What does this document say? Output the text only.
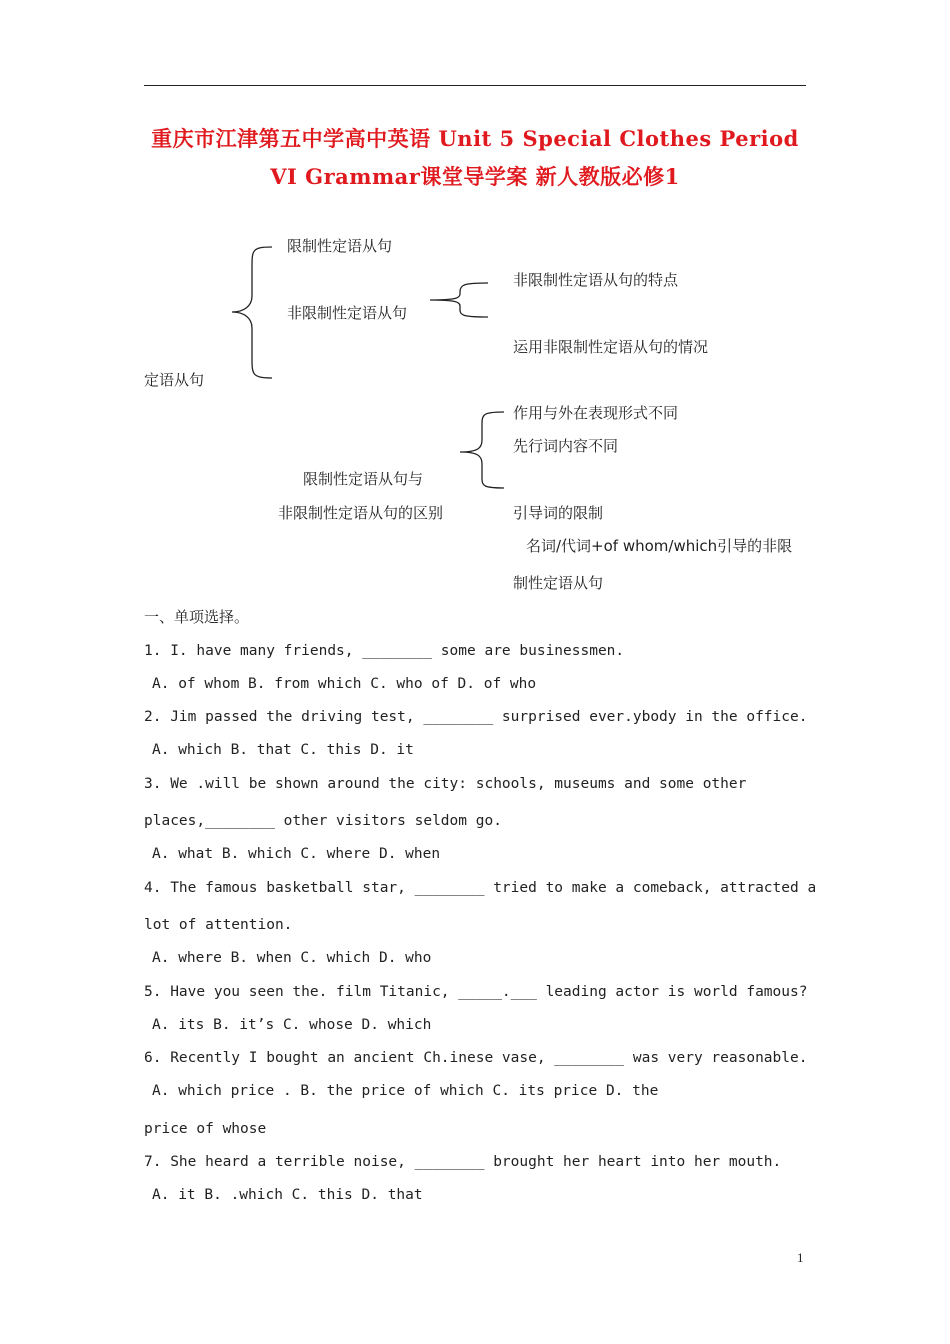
重庆市江津第五中学高中英语 Unit 5 Special Clothes Period
VI Grammar课堂导学案 新人教版必修1
限制性定语从句
非限制性定语从句
非限制性定语从句的特点
运用非限制性定语从句的情况
定语从句
作用与外在表现形式不同
先行词内容不同
限制性定语从句与
非限制性定语从句的区别	引导词的限制
名词/代词+of whom/which引导的非限
制性定语从句
一、单项选择。
1. I. have many friends, ________ some are businessmen.
A. of whom B. from which C. who of D. of who
2. Jim passed the driving test, ________ surprised ever.ybody in the office.
A. which B. that C. this D. it
3. We .will be shown around the city: schools, museums and some other
places,________ other visitors seldom go.
A. what B. which C. where D. when
4. The famous basketball star, ________ tried to make a comeback, attracted a
lot of attention.
A. where B. when C. which D. who
5. Have you seen the. film Titanic, _____.___ leading actor is world famous?
A. its B. it’s C. whose D. which
6. Recently I bought an ancient Ch.inese vase, ________ was very reasonable.
A. which price . B. the price of which C. its price D. the
price of whose
7. She heard a terrible noise, ________ brought her heart into her mouth.
A. it B. .which C. this D. that
1
